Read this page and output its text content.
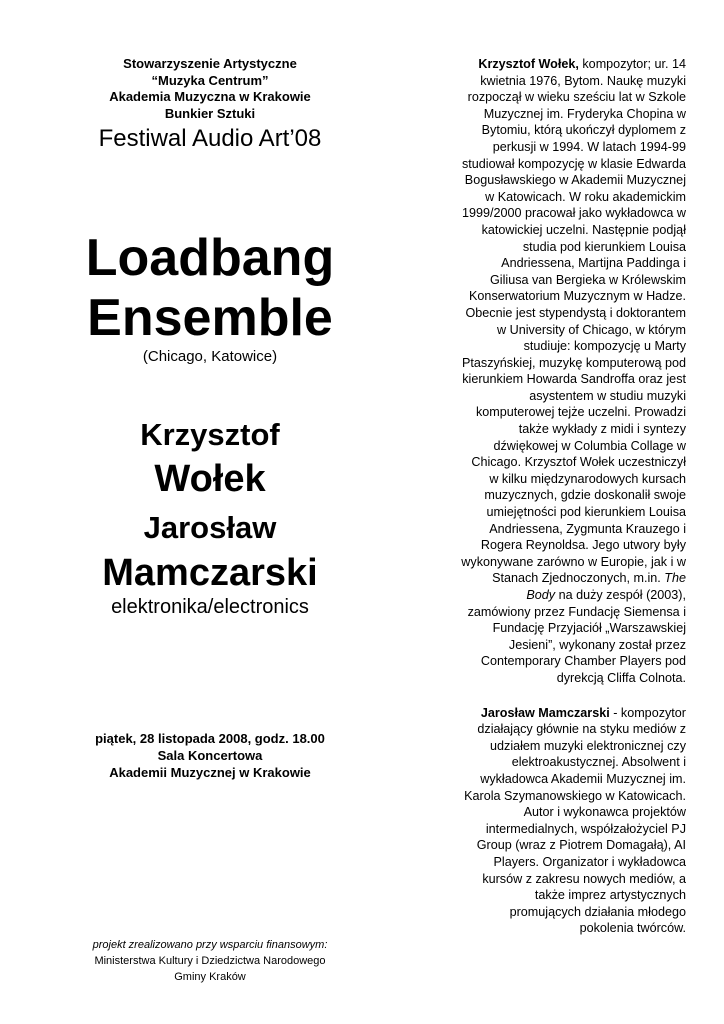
Stowarzyszenie Artystyczne
“Muzyka Centrum”
Akademia Muzyczna w Krakowie
Bunkier Sztuki
Festiwal Audio Art’08
Loadbang
Ensemble
(Chicago, Katowice)
Krzysztof
Wołek
Jarosław
Mamczarski
elektronika/electronics
piątek, 28 listopada 2008, godz. 18.00
Sala Koncertowa
Akademii Muzycznej w Krakowie
projekt zrealizowano przy wsparciu finansowym:
Ministerstwa Kultury i Dziedzictwa Narodowego
Gminy Kraków

Krzysztof Wołek, kompozytor; ur. 14 kwietnia 1976, Bytom. Naukę muzyki rozpoczął w wieku sześciu lat w Szkole Muzycznej im. Fryderyka Chopina w Bytomiu, którą ukończył dyplomem z perkusji w 1994. W latach 1994-99 studiował kompozycję w klasie Edwarda Bogusławskiego w Akademii Muzycznej w Katowicach. W roku akademickim 1999/2000 pracował jako wykładowca w katowickiej uczelni. Następnie podjął studia pod kierunkiem Louisa Andriessena, Martijna Paddinga i Giliusa van Bergieka w Królewskim Konserwatorium Muzycznym w Hadze. Obecnie jest stypendystą i doktorantem w University of Chicago, w którym studiuje: kompozycję u Marty Ptaszyńskiej, muzykę komputerową pod kierunkiem Howarda Sandroffa oraz jest asystentem w studiu muzyki komputerowej tejże uczelni. Prowadzi także wykłady z midi i syntezy dźwiękowej w Columbia Collage w Chicago. Krzysztof Wołek uczestniczył w kilku międzynarodowych kursach muzycznych, gdzie doskonalił swoje umiejętności pod kierunkiem Louisa Andriessena, Zygmunta Krauzego i Rogera Reynoldsa. Jego utwory były wykonywane zarówno w Europie, jak i w Stanach Zjednoczonych, m.in. The Body na duży zespół (2003), zamówiony przez Fundację Siemensa i Fundację Przyjaciół „Warszawskiej Jesieni”, wykonany został przez Contemporary Chamber Players pod dyrekcją Cliffa Colnota.

Jarosław Mamczarski - kompozytor działający głównie na styku mediów z udziałem muzyki elektronicznej czy elektroakustycznej. Absolwent i wykładowca Akademii Muzycznej im. Karola Szymanowskiego w Katowicach. Autor i wykonawca projektów intermedialnych, współzałożyciel PJ Group (wraz z Piotrem Domagałą), AI Players. Organizator i wykładowca kursów z zakresu nowych mediów, a także imprez artystycznych promujących działania młodego pokolenia twórców.
